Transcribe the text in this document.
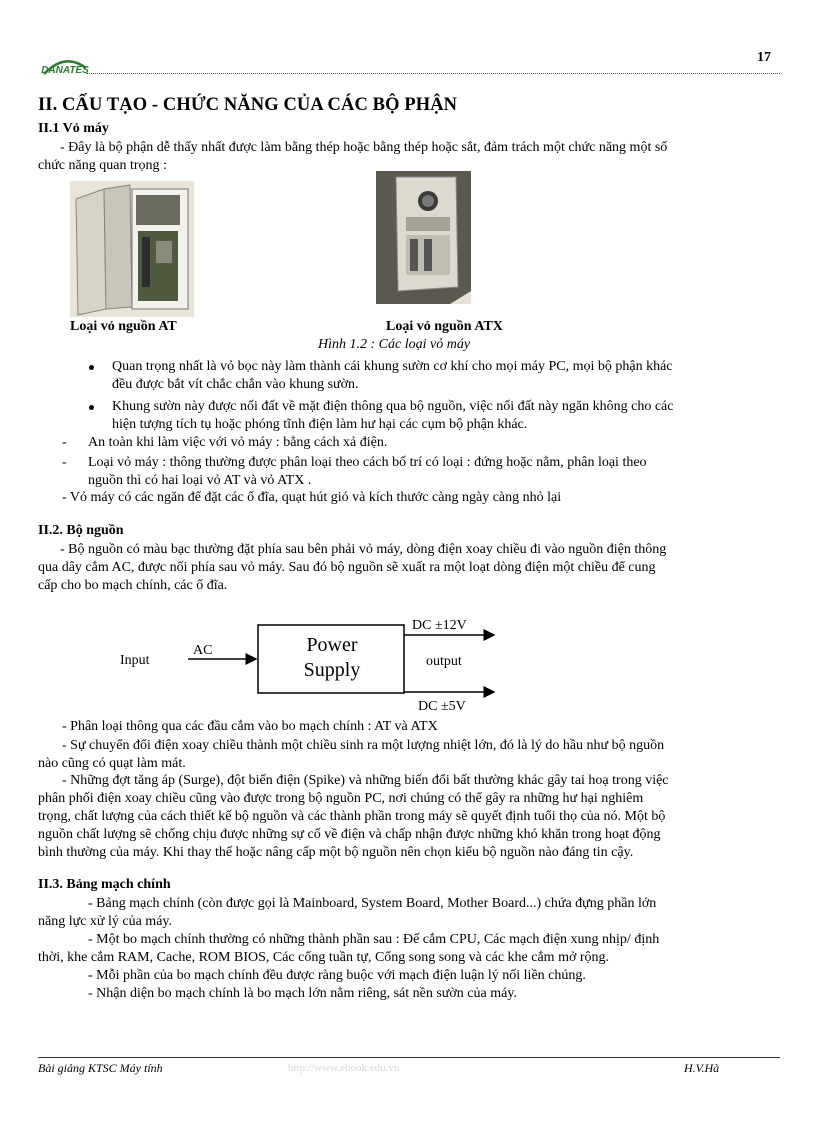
DANATES
17
II. CẤU TẠO - CHỨC NĂNG CỦA CÁC BỘ PHẬN
II.1 Vỏ máy
- Đây là bộ phận dễ thấy nhất được làm bằng thép hoặc bằng thép hoặc sắt, đảm trách một chức năng một số
chức năng quan trọng :
Loại vỏ nguồn AT	Loại vỏ nguồn ATX
Hình 1.2 : Các loại vỏ máy
Quan trọng nhất là vỏ bọc này làm thành cái khung sườn cơ khí cho mọi máy PC, mọi bộ phận khác
đều được bắt vít chắc chắn vào khung sườn.
Khung sườn này được nối đất về mặt điện thông qua bộ nguồn, việc nối đất này ngăn không cho các
hiện tượng tích tụ hoặc phóng tĩnh điện làm hư hại các cụm bộ phận khác.
- An toàn khi làm việc với vỏ máy : bằng cách xả điện.
- Loại vỏ máy : thông thường được phân loại theo cách bố trí có loại : đứng hoặc nằm, phân loại theo
nguồn thì có hai loại vỏ AT và vỏ ATX .
- Vỏ máy có các ngăn để đặt các ổ đĩa, quạt hút gió và kích thước càng ngày càng nhỏ lại
II.2. Bộ nguồn
- Bộ nguồn có màu bạc thường đặt phía sau bên phải vỏ máy, dòng điện xoay chiều đi vào nguồn điện thông
qua dây cắm AC, được nối phía sau vỏ máy. Sau đó bộ nguồn sẽ xuất ra một loạt dòng điện một chiều để cung
cấp cho bo mạch chính, các ổ đĩa.
Input
AC	Power
Supply	output
DC ±12V
DC ±5V
- Phân loại thông qua các đầu cắm vào bo mạch chính : AT và ATX
- Sự chuyển đổi điện xoay chiều thành một chiều sinh ra một lượng nhiệt lớn, đó là lý do hầu như bộ nguồn
nào cũng có quạt làm mát.
- Những đợt tăng áp (Surge), đột biến điện (Spike) và những biến đổi bất thường khác gây tai hoạ trong việc
phân phối điện xoay chiều cũng vào được trong bộ nguồn PC, nơi chúng có thể gây ra những hư hại nghiêm
trọng, chất lượng của cách thiết kế bộ nguồn và các thành phần trong máy sẽ quyết định tuổi thọ của nó. Một bộ
nguồn chất lượng sẽ chống chịu được những sự cố về điện và chấp nhận được những khó khăn trong hoạt động
bình thường của máy. Khi thay thế hoặc nâng cấp một bộ nguồn nên chọn kiểu bộ nguồn nào đáng tin cậy.
II.3. Bảng mạch chính
- Bảng mạch chính (còn được gọi là Mainboard, System Board, Mother Board...) chứa đựng phần lớn
năng lực xử lý của máy.
- Một bo mạch chính thường có những thành phần sau : Đế cắm CPU, Các mạch điện xung nhịp/ định
thời, khe cắm RAM, Cache, ROM BIOS, Các cổng tuần tự, Cổng song song và các khe cắm mở rộng.
- Mỗi phần của bo mạch chính đều được ràng buộc với mạch điện luận lý nối liền chúng.
- Nhận diện bo mạch chính là bo mạch lớn nằm riêng, sát nền sườn của máy.
Bài giảng KTSC Máy tính	http://www.ebook.edu.vn	H.V.Hà
